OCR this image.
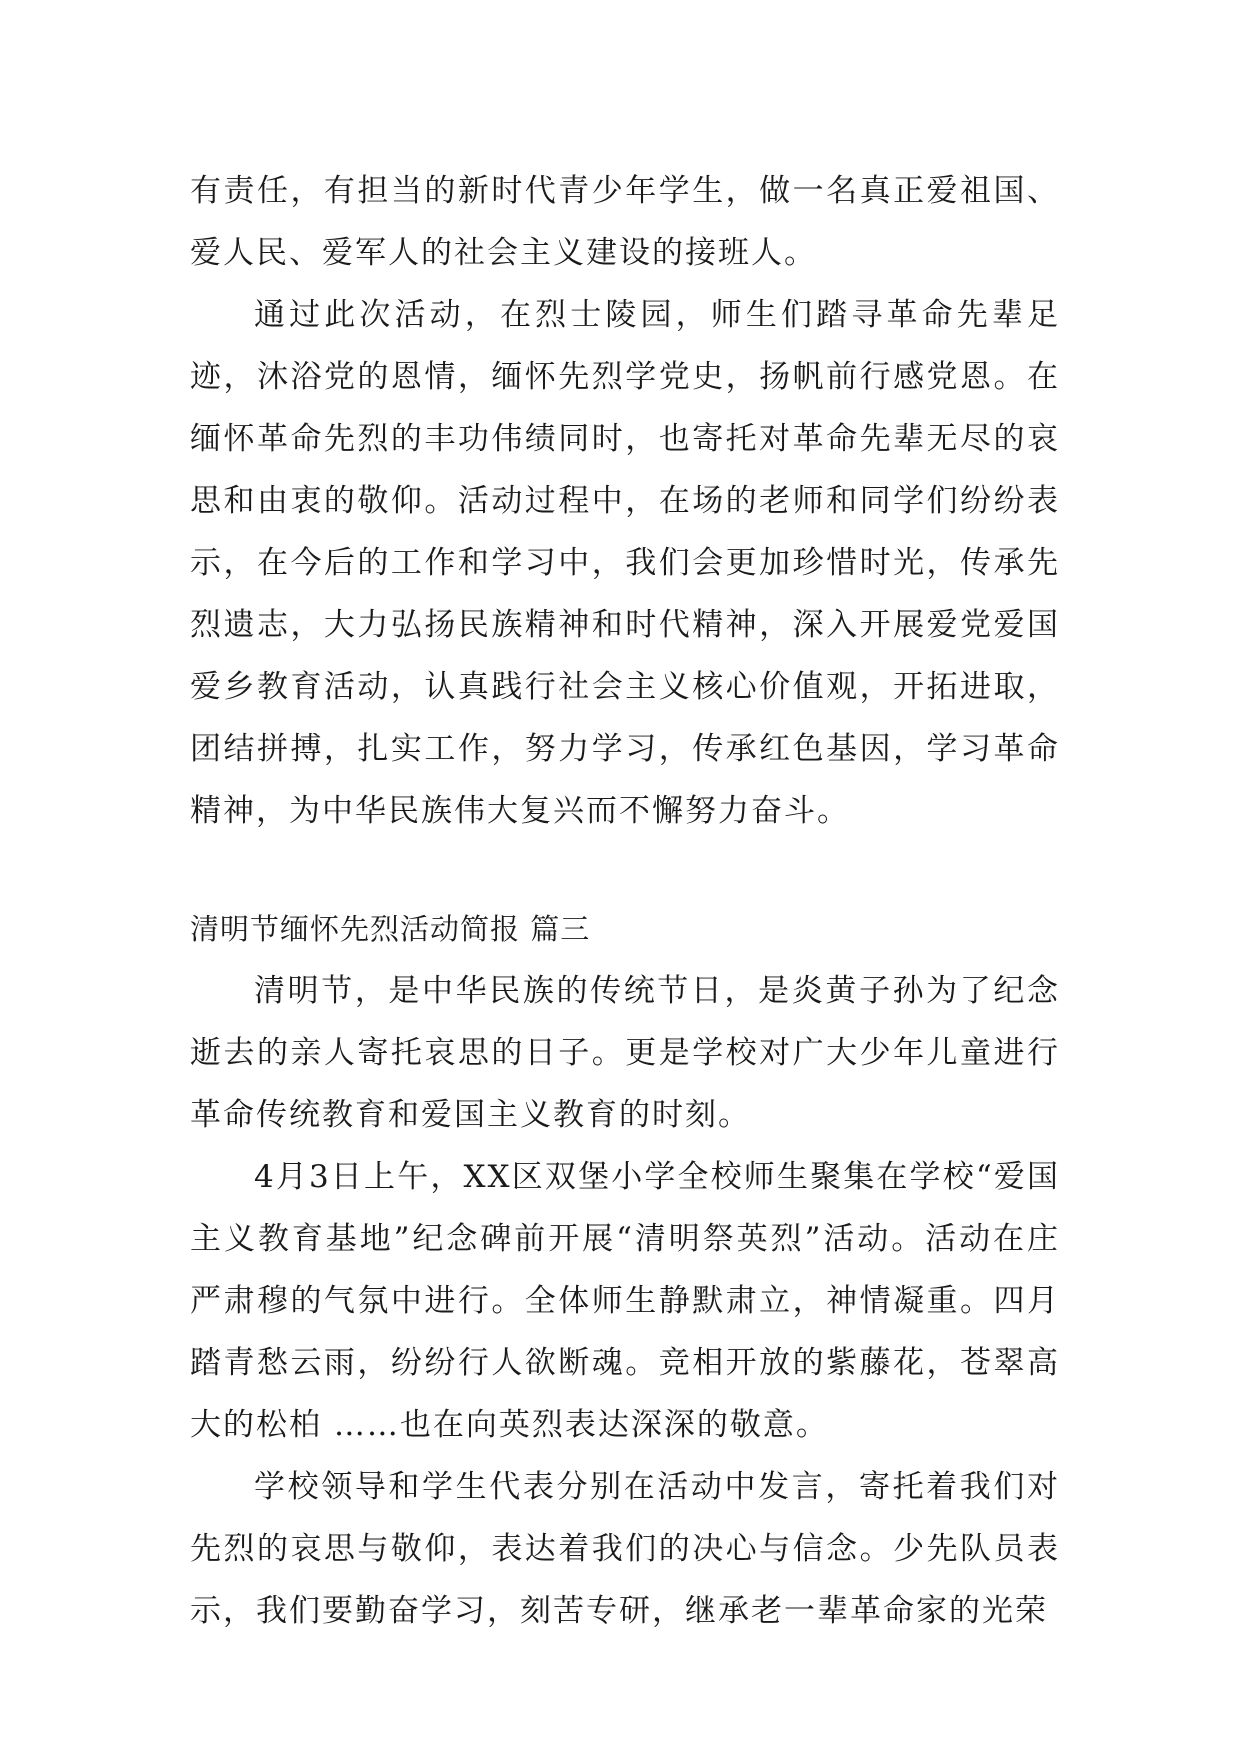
有责任，有担当的新时代青少年学生，做一名真正爱祖国、爱人民、爱军人的社会主义建设的接班人。

通过此次活动，在烈士陵园，师生们踏寻革命先辈足迹，沐浴党的恩情，缅怀先烈学党史，扬帆前行感党恩。在缅怀革命先烈的丰功伟绩同时，也寄托对革命先辈无尽的哀思和由衷的敬仰。活动过程中，在场的老师和同学们纷纷表示，在今后的工作和学习中，我们会更加珍惜时光，传承先烈遗志，大力弘扬民族精神和时代精神，深入开展爱党爱国爱乡教育活动，认真践行社会主义核心价值观，开拓进取，团结拼搏，扎实工作，努力学习，传承红色基因，学习革命精神，为中华民族伟大复兴而不懈努力奋斗。

清明节缅怀先烈活动简报 篇三

清明节，是中华民族的传统节日，是炎黄子孙为了纪念逝去的亲人寄托哀思的日子。更是学校对广大少年儿童进行革命传统教育和爱国主义教育的时刻。

4月3日上午，XX区双堡小学全校师生聚集在学校“爱国主义教育基地”纪念碑前开展“清明祭英烈”活动。活动在庄严肃穆的气氛中进行。全体师生静默肃立，神情凝重。四月踏青愁云雨，纷纷行人欲断魂。竞相开放的紫藤花，苍翠高大的松柏 ……也在向英烈表达深深的敬意。

学校领导和学生代表分别在活动中发言，寄托着我们对先烈的哀思与敬仰，表达着我们的决心与信念。少先队员表示，我们要勤奋学习，刻苦专研，继承老一辈革命家的光荣
